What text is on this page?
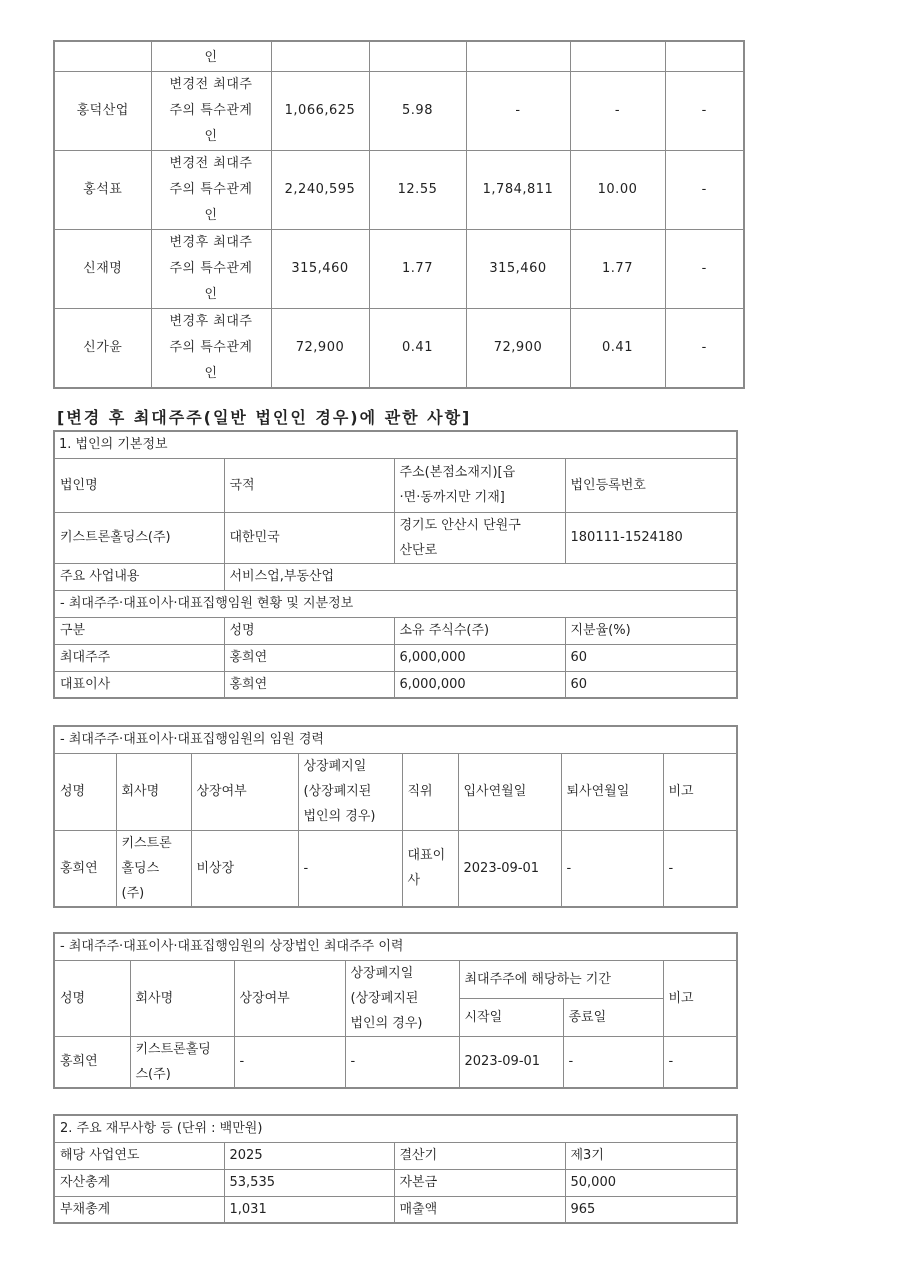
	인					
홍덕산업	변경전 최대주
주의 특수관계
인	1,066,625	5.98	-	-	-
홍석표	변경전 최대주
주의 특수관계
인	2,240,595	12.55	1,784,811	10.00	-
신재명	변경후 최대주
주의 특수관계
인	315,460	1.77	315,460	1.77	-
신가윤	변경후 최대주
주의 특수관계
인	72,900	0.41	72,900	0.41	-
[변경 후 최대주주(일반 법인인 경우)에 관한 사항]
1. 법인의 기본정보			
법인명	국적	주소(본점소재지)[읍
·면·동까지만 기재]	법인등록번호
키스트론홀딩스(주)	대한민국	경기도 안산시 단원구
산단로	180111-1524180
주요 사업내용	서비스업,부동산업		
- 최대주주·대표이사·대표집행임원 현황 및 지분정보			
구분	성명	소유 주식수(주)	지분율(%)
최대주주	홍희연	6,000,000	60
대표이사	홍희연	6,000,000	60
- 최대주주·대표이사·대표집행임원의 임원 경력							
성명	회사명	상장여부	상장폐지일
(상장폐지된
법인의 경우)	직위	입사연월일	퇴사연월일	비고
홍희연	키스트론
홀딩스
(주)	비상장	-	대표이
사	2023-09-01	-	-
- 최대주주·대표이사·대표집행임원의 상장법인 최대주주 이력						
성명	회사명	상장여부	상장폐지일
(상장폐지된
법인의 경우)	최대주주에 해당하는 기간		비고
				시작일	종료일	
홍희연	키스트론홀딩
스(주)	-	-	2023-09-01	-	-
2. 주요 재무사항 등 (단위 : 백만원)			
해당 사업연도	2025	결산기	제3기
자산총계	53,535	자본금	50,000
부채총계	1,031	매출액	965
